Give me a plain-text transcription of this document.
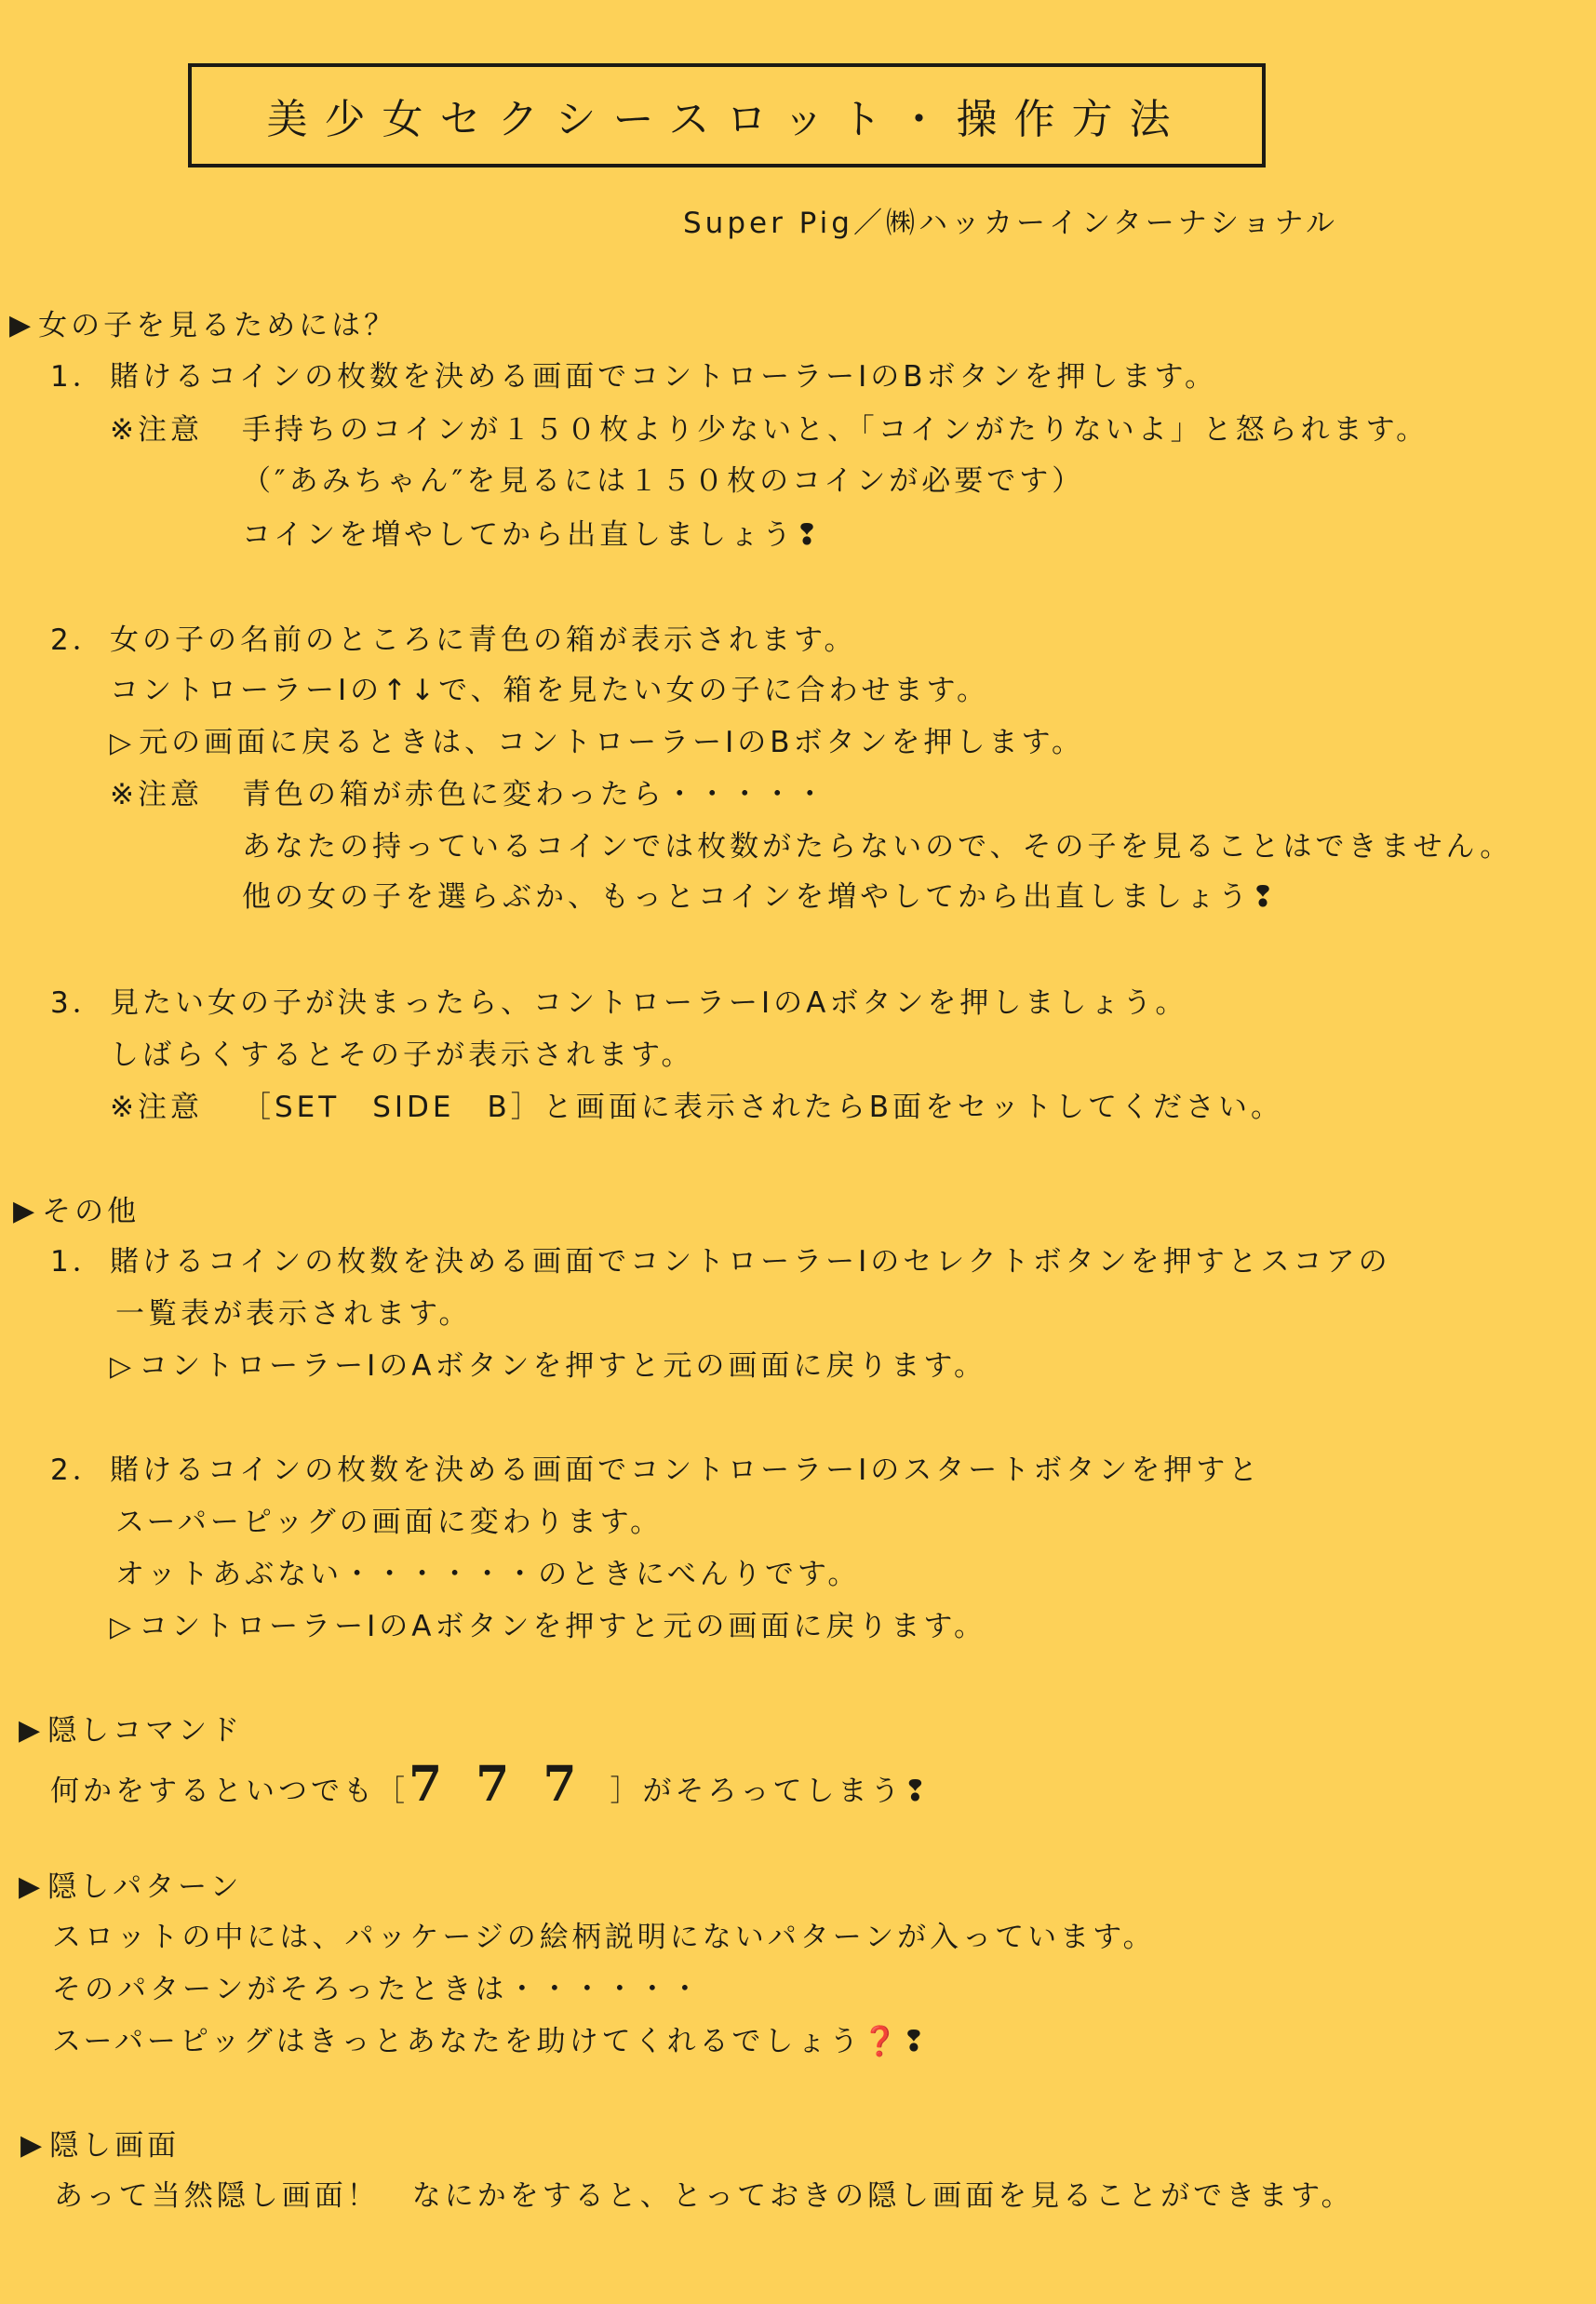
美少女セクシースロット・操作方法
Super Pig／㈱ハッカーインターナショナル
▶ 女の子を見るためには？
1． 賭けるコインの枚数を決める画面でコントローラーⅠのBボタンを押します。
※注意 手持ちのコインが１５０枚より少ないと、「コインがたりないよ」と怒られます。
（″あみちゃん″を見るには１５０枚のコインが必要です）
コインを増やしてから出直しましょう❢
2． 女の子の名前のところに青色の箱が表示されます。
コントローラーⅠの↑↓で、箱を見たい女の子に合わせます。
▷ 元の画面に戻るときは、コントローラーⅠのBボタンを押します。
※注意 青色の箱が赤色に変わったら・・・・・
あなたの持っているコインでは枚数がたらないので、その子を見ることはできません。
他の女の子を選らぶか、もっとコインを増やしてから出直しましょう❢
3． 見たい女の子が決まったら、コントローラーⅠのAボタンを押しましょう。
しばらくするとその子が表示されます。
※注意 ［SET　SIDE　B］と画面に表示されたらB面をセットしてください。
▶ その他
1． 賭けるコインの枚数を決める画面でコントローラーⅠのセレクトボタンを押すとスコアの
一覧表が表示されます。
▷ コントローラーⅠのAボタンを押すと元の画面に戻ります。
2． 賭けるコインの枚数を決める画面でコントローラーⅠのスタートボタンを押すと
スーパーピッグの画面に変わります。
オットあぶない・・・・・・のときにべんりです。
▷ コントローラーⅠのAボタンを押すと元の画面に戻ります。
▶ 隠しコマンド
何かをするといつでも［777］がそろってしまう❢
▶ 隠しパターン
スロットの中には、パッケージの絵柄説明にないパターンが入っています。
そのパターンがそろったときは・・・・・・
スーパーピッグはきっとあなたを助けてくれるでしょう❓❢
▶ 隠し画面
あって当然隠し画面！　なにかをすると、とっておきの隠し画面を見ることができます。
